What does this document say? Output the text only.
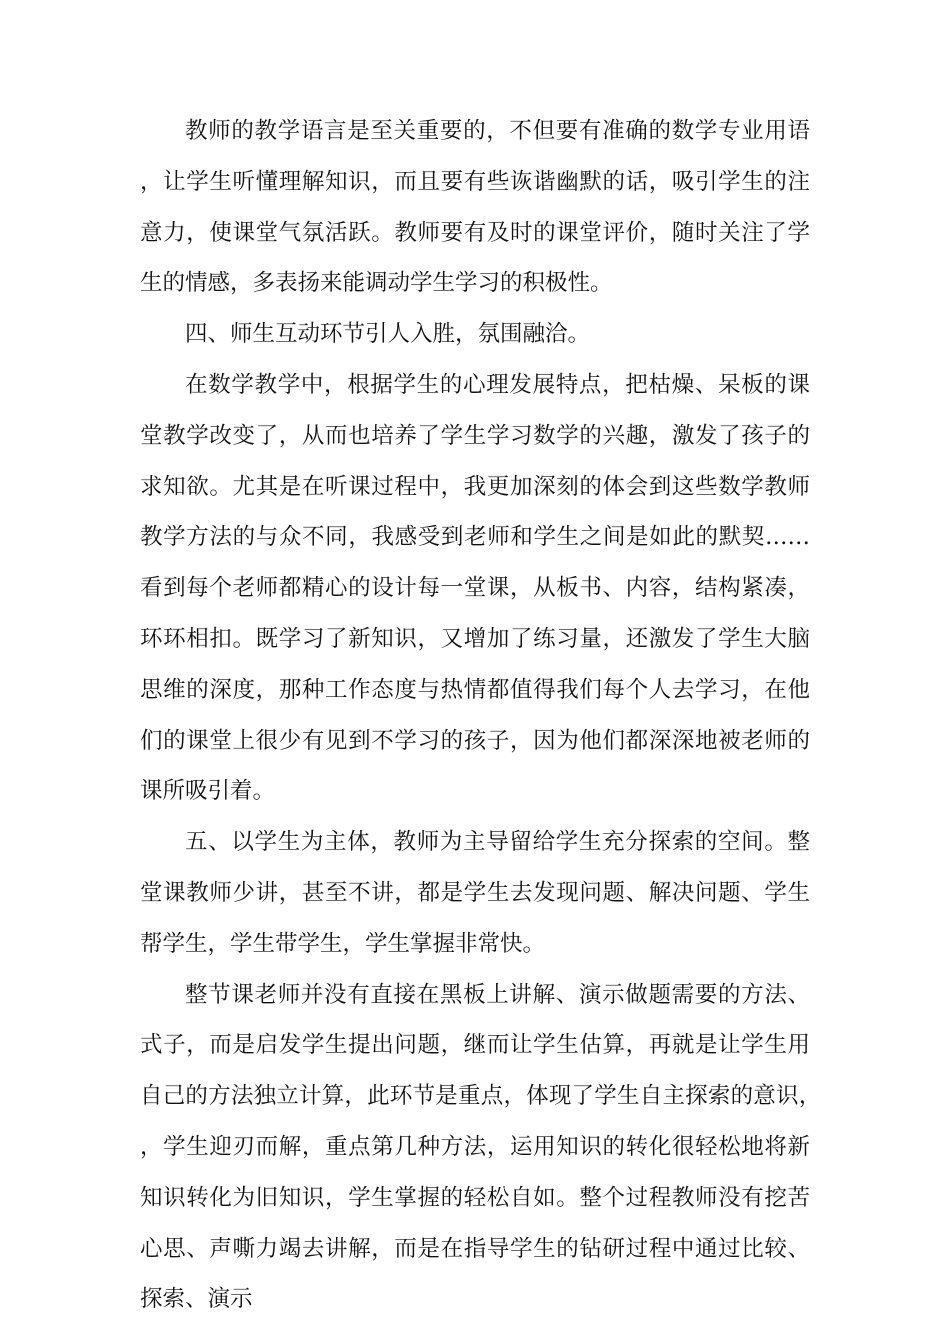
教师的教学语言是至关重要的，不但要有准确的数学专业用语，让学生听懂理解知识，而且要有些诙谐幽默的话，吸引学生的注意力，使课堂气氛活跃。教师要有及时的课堂评价，随时关注了学生的情感，多表扬来能调动学生学习的积极性。

四、师生互动环节引人入胜，氛围融洽。

在数学教学中，根据学生的心理发展特点，把枯燥、呆板的课堂教学改变了，从而也培养了学生学习数学的兴趣，激发了孩子的求知欲。尤其是在听课过程中，我更加深刻的体会到这些数学教师教学方法的与众不同，我感受到老师和学生之间是如此的默契……看到每个老师都精心的设计每一堂课，从板书、内容，结构紧凑，环环相扣。既学习了新知识，又增加了练习量，还激发了学生大脑思维的深度，那种工作态度与热情都值得我们每个人去学习，在他们的课堂上很少有见到不学习的孩子，因为他们都深深地被老师的课所吸引着。

五、以学生为主体，教师为主导留给学生充分探索的空间。整堂课教师少讲，甚至不讲，都是学生去发现问题、解决问题、学生帮学生，学生带学生，学生掌握非常快。

整节课老师并没有直接在黑板上讲解、演示做题需要的方法、式子，而是启发学生提出问题，继而让学生估算，再就是让学生用自己的方法独立计算，此环节是重点，体现了学生自主探索的意识，，学生迎刃而解，重点第几种方法，运用知识的转化很轻松地将新知识转化为旧知识，学生掌握的轻松自如。整个过程教师没有挖苦心思、声嘶力竭去讲解，而是在指导学生的钻研过程中通过比较、探索、演示
